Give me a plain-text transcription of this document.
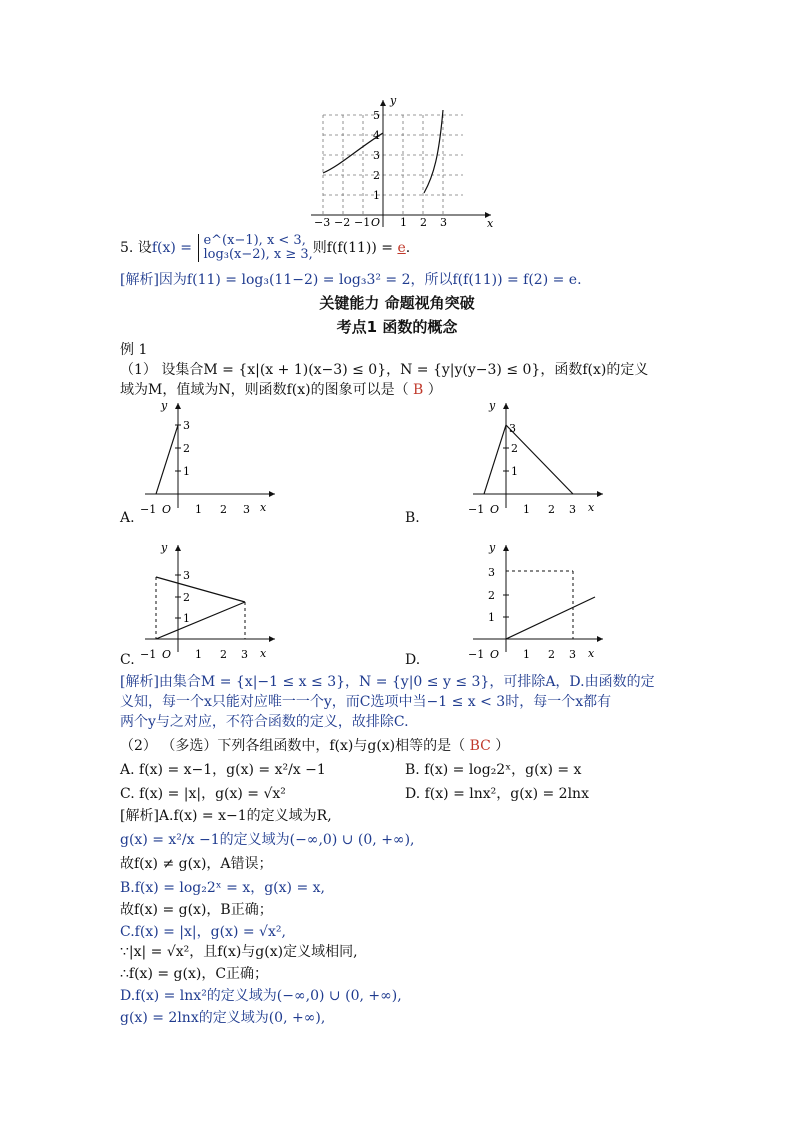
y
x
O
1
2
3
4
5
−3 −2 −1	1 2 3
5. 设f(x) = e^(x−1), x < 3,
log₃(x−2), x ≥ 3,则f(f(11)) = e.
[解析]因为f(11) = log₃(11−2) = log₃3² = 2，所以f(f(11)) = f(2) = e.
关键能力 命题视角突破
考点1 函数的概念
例 1
（1） 设集合M = {x|(x + 1)(x−3) ≤ 0}，N = {y|y(y−3) ≤ 0}，函数f(x)的定义
域为M，值域为N，则函数f(x)的图象可以是（ B ）
y
x
3
2
1
−1 O 1 2 3
A.
y
x
3
2
1
−1 O 1 2 3
B.
y
x
3
2
1
−1 O 1 2 3
C.
y
x
3
2
1
−1 O 1 2 3
D.
[解析]由集合M = {x|−1 ≤ x ≤ 3}，N = {y|0 ≤ y ≤ 3}，可排除A，D.由函数的定
义知，每一个x只能对应唯一一个y，而C选项中当−1 ≤ x < 3时，每一个x都有
两个y与之对应，不符合函数的定义，故排除C.
（2） （多选）下列各组函数中，f(x)与g(x)相等的是（ BC ）
A. f(x) = x−1，g(x) = x²/x −1	B. f(x) = log₂2ˣ，g(x) = x
C. f(x) = |x|，g(x) = √x²	D. f(x) = lnx²，g(x) = 2lnx
[解析]A.f(x) = x−1的定义域为R,
g(x) = x²/x −1的定义域为(−∞,0) ∪ (0, +∞),
故f(x) ≠ g(x)，A错误；
B.f(x) = log₂2ˣ = x，g(x) = x,
故f(x) = g(x)，B正确；
C.f(x) = |x|，g(x) = √x²,
∵|x| = √x²，且f(x)与g(x)定义域相同,
∴f(x) = g(x)，C正确；
D.f(x) = lnx²的定义域为(−∞,0) ∪ (0, +∞),
g(x) = 2lnx的定义域为(0, +∞),
